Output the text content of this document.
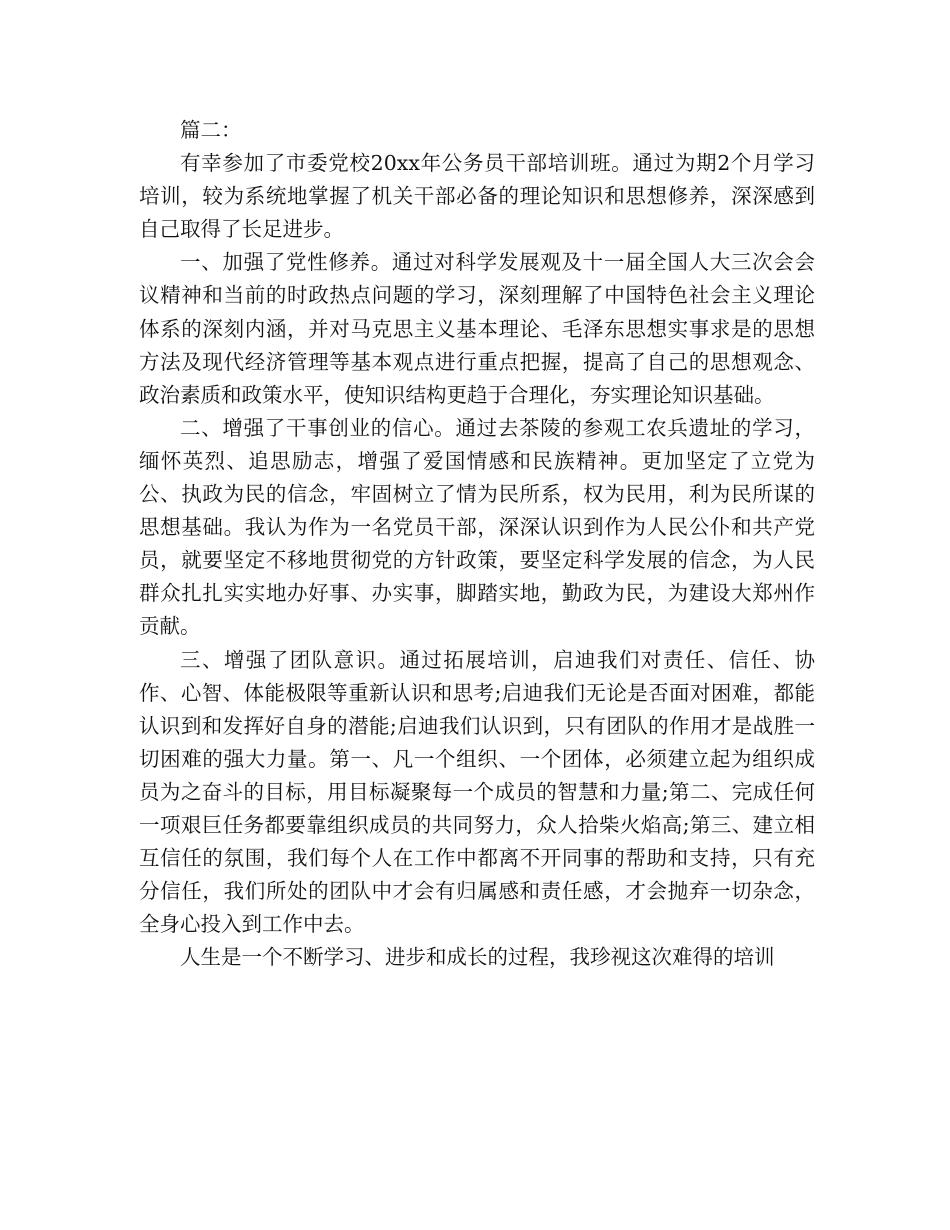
篇二：

有幸参加了市委党校20xx年公务员干部培训班。通过为期2个月学习培训，较为系统地掌握了机关干部必备的理论知识和思想修养，深深感到自己取得了长足进步。

一、加强了党性修养。通过对科学发展观及十一届全国人大三次会会议精神和当前的时政热点问题的学习，深刻理解了中国特色社会主义理论体系的深刻内涵，并对马克思主义基本理论、毛泽东思想实事求是的思想方法及现代经济管理等基本观点进行重点把握，提高了自己的思想观念、政治素质和政策水平，使知识结构更趋于合理化，夯实理论知识基础。

二、增强了干事创业的信心。通过去茶陵的参观工农兵遗址的学习，缅怀英烈、追思励志，增强了爱国情感和民族精神。更加坚定了立党为公、执政为民的信念，牢固树立了情为民所系，权为民用，利为民所谋的思想基础。我认为作为一名党员干部，深深认识到作为人民公仆和共产党员，就要坚定不移地贯彻党的方针政策，要坚定科学发展的信念，为人民群众扎扎实实地办好事、办实事，脚踏实地，勤政为民，为建设大郑州作贡献。

三、增强了团队意识。通过拓展培训，启迪我们对责任、信任、协作、心智、体能极限等重新认识和思考;启迪我们无论是否面对困难，都能认识到和发挥好自身的潜能;启迪我们认识到，只有团队的作用才是战胜一切困难的强大力量。第一、凡一个组织、一个团体，必须建立起为组织成员为之奋斗的目标，用目标凝聚每一个成员的智慧和力量;第二、完成任何一项艰巨任务都要靠组织成员的共同努力，众人拾柴火焰高;第三、建立相互信任的氛围，我们每个人在工作中都离不开同事的帮助和支持，只有充分信任，我们所处的团队中才会有归属感和责任感，才会抛弃一切杂念，全身心投入到工作中去。

人生是一个不断学习、进步和成长的过程，我珍视这次难得的培训
